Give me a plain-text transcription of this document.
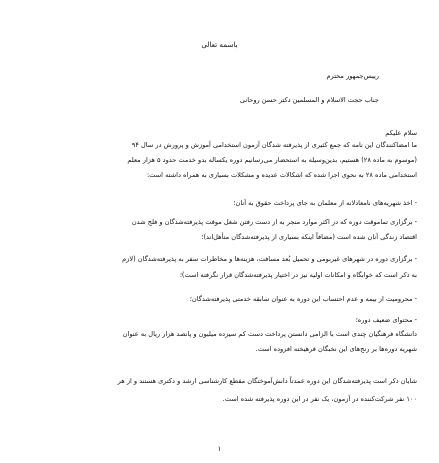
باسمه تعالی
ریيس‌جمهور محترم
جناب حجت الاسلام و المسلمین دکتر حسن روحانی
سلام علیکم
ما امضاکنندگان این نامه که جمع کثیری از پذیرفته شدگان آزمون استخدامی آموزش و پرورش در سال ۹۴
(موسوم به ماده ۲۸) هستیم، بدین‌وسیله به استحضار می‌رسانیم دوره یکساله بدو خدمت حدود ۵ هزار معلم
استخدامی ماده ۲۸ به نحوی اجرا شده که اشکالات عدیده و مشکلات بسیاری به همراه داشته است:
- اخذ شهریه‌های نامعادلانه از معلمان به جای پرداخت حقوق به آنان؛
- برگزاری تماموقت دوره که در اکثر موارد منجر به از دست رفتن شغل موقت پذیرفته‌شدگان و فلج شدن
اقتصاد زندگی آنان شده است (مضافاً اینکه بسیاری از پذیرفته‌شدگان متأهل‌اند)؛
- برگزاری دوره در شهرهای غیربومی و تحمیل بُعد مسافت، هزینه‌ها و مخاطرات سفر به پذیرفته‌شدگان (لازم
به ذکر است که خوابگاه و امکانات اولیه نیز در اختیار پذیرفته‌شدگان قرار نگرفته است)؛
- محرومیت از بیمه و عدم احتساب این دوره به عنوان سابقه خدمتی پذیرفته‌شدگان؛
- محتوای ضعیف دوره؛
دانشگاه فرهنگیان چندی است با الزامی دانستن پرداخت دست کم سیزده میلیون و پانصد هزار ریال به عنوان
شهریه دوره‌ها بر رنج‌های این نخبگان فرهیخته افزوده است.
شایان ذکر است پذیرفته‌شدگان این دوره عمدتاً دانش‌آموختگان مقطع کارشناسی ارشد و دکتری هستند و از هر
۱۰۰ نفر شرکت‌کننده در آزمون، یک نفر در این دوره پذیرفته شده است.
۱
